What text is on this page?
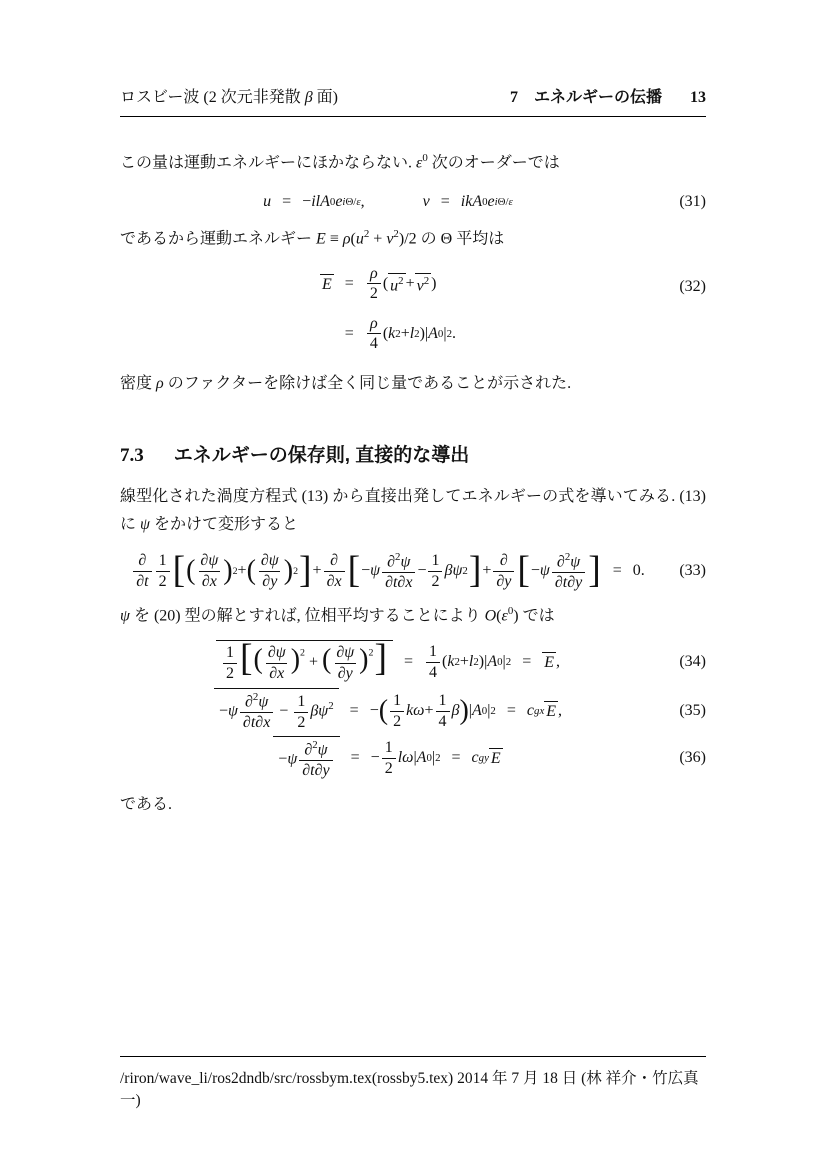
ロスビー波 (2 次元非発散 β 面)	7 エネルギーの伝播 13

この量は運動エネルギーにほかならない. $\varepsilon^0$ 次のオーダーでは

u = − ilA 0 e iΘ/ε ,	v = ikA 0 e iΘ/ε	(31)

であるから運動エネルギー $E \equiv \rho(u^2 + v^2)/2$ の Θ 平均は

$E = \frac{\rho}{2}$ ( $u^2 + v^2$ )
= $\frac{\rho}{4}$ ( k 2 + l 2 )| A 0 | 2 .
(32)

密度 ρ のファクターを除けば全く同じ量であることが示された.

7.3 エネルギーの保存則, 直接的な導出

線型化された渦度方程式 (13) から直接出発してエネルギーの式を導いてみる. (13) に ψ をかけて変形すると

$\frac{\partial}{\partial t} \frac{1}{2}$ [ ( $\frac{\partial\psi}{\partial x}$ ) 2 + ( $\frac{\partial\psi}{\partial y}$ ) 2 ] + $\frac{\partial}{\partial x}$ [ − ψ $\frac{\partial^2\psi}{\partial t\partial x} - \frac{1}{2}$ βψ 2 ] + $\frac{\partial}{\partial y}$ [ − ψ $\frac{\partial^2\psi}{\partial t\partial y}$ ] = 0.	(33)

ψ を (20) 型の解とすれば, 位相平均することにより $O(\varepsilon^0)$ では

$\frac{1}{2}$ [( $\frac{\partial\psi}{\partial x} )^2$ + ( $\frac{\partial\psi}{\partial y} )^2$]	= $\frac{1}{4}$ ( k 2 + l 2 )| A 0 | 2 = E ,	(34)
$-\psi \frac{\partial^2\psi}{\partial t\partial x} - \frac{1}{2} \beta\psi^2$	= − ( $\frac{1}{2}$ $k\omega + \frac{1}{4}$ β ) | A 0 | 2 = c gx E ,	(35)
$-\psi \frac{\partial^2\psi}{\partial t\partial y}$ = − $\frac{1}{2}$ lω | A 0 | 2 = c gy E	(36)

である.

/riron/wave_li/ros2dndb/src/rossbym.tex(rossby5.tex) 2014 年 7 月 18 日 (林 祥介・竹広真一)
